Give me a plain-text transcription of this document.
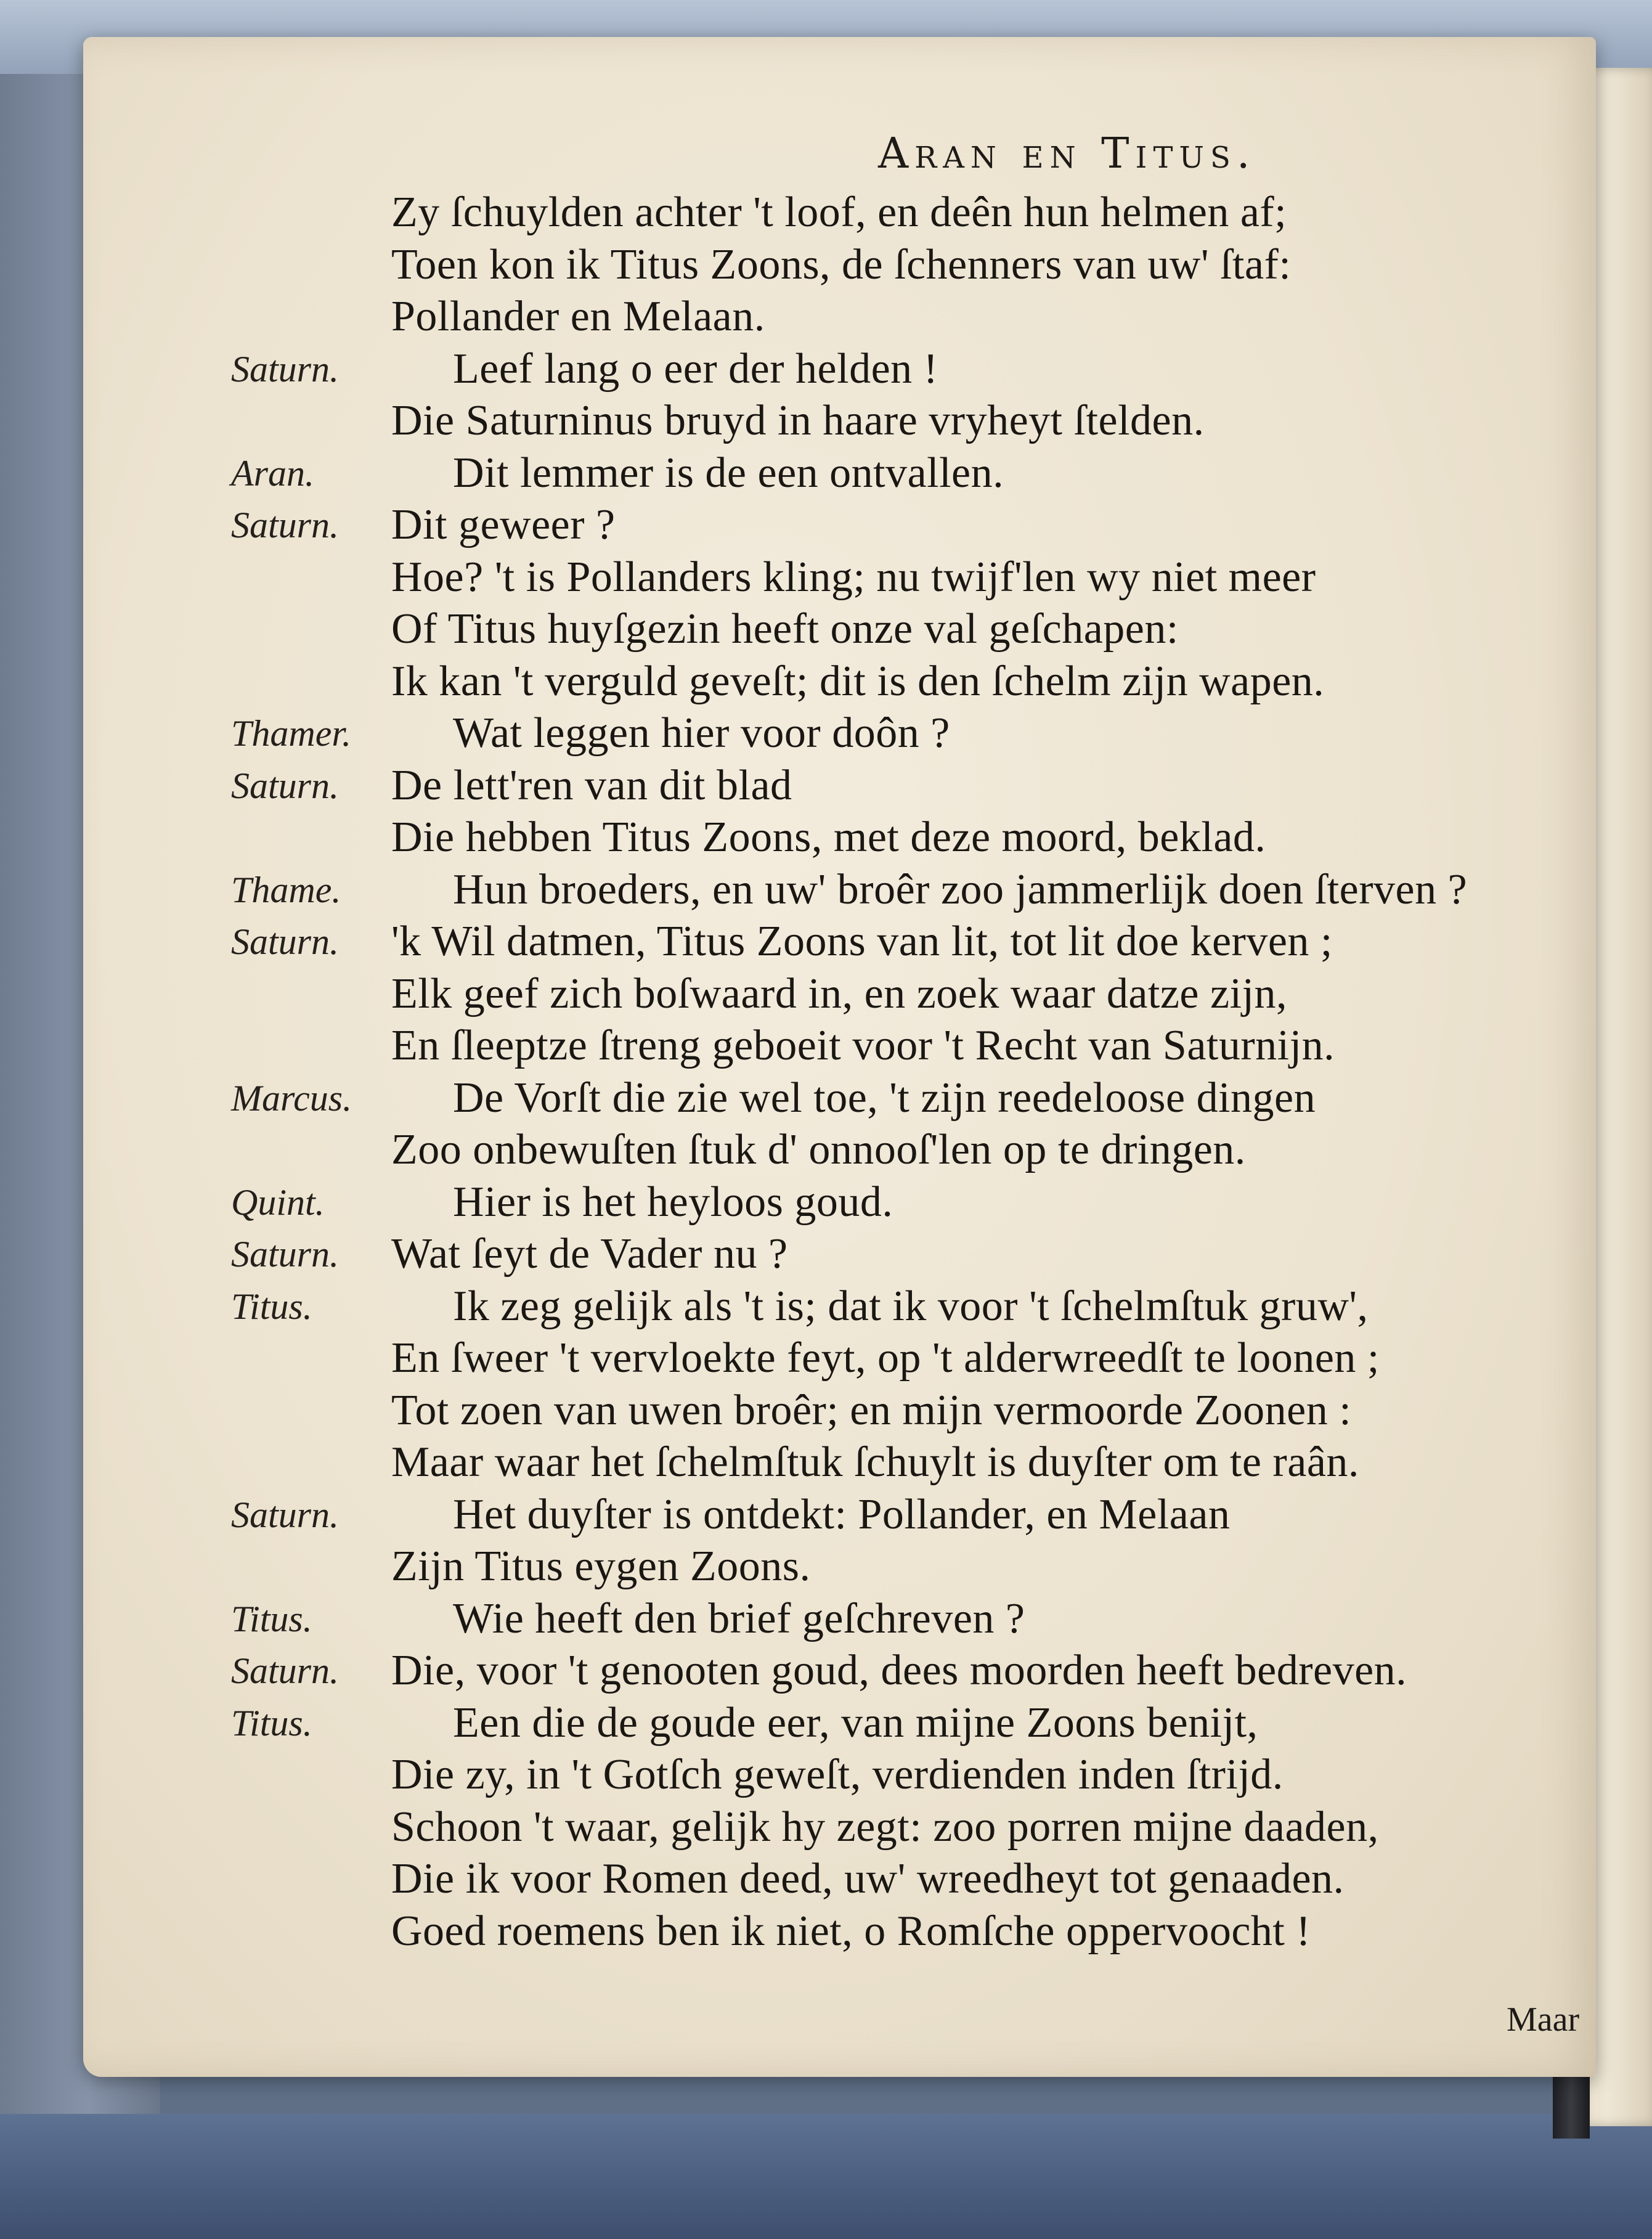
Aran en Titus.
Zy ſchuylden achter 't loof, en deên hun helmen af;
Toen kon ik Titus Zoons, de ſchenners van uw' ſtaf:
Pollander en Melaan.
Saturn.	Leef lang o eer der helden !
Die Saturninus bruyd in haare vryheyt ſtelden.
Aran.	Dit lemmer is de een ontvallen.
Saturn. Dit geweer ?
Hoe? 't is Pollanders kling; nu twijf'len wy niet meer
Of Titus huyſgezin heeft onze val geſchapen:
Ik kan 't verguld geveſt; dit is den ſchelm zijn wapen.
Thamer. Wat leggen hier voor doôn ?
Saturn. De lett'ren van dit blad
Die hebben Titus Zoons, met deze moord, beklad.
Thame.	Hun broeders, en uw' broêr zoo jammerlijk doen ſterven ?
Saturn. 'k Wil datmen, Titus Zoons van lit, tot lit doe kerven ;
Elk geef zich boſwaard in, en zoek waar datze zijn,
En ſleeptze ſtreng geboeit voor 't Recht van Saturnijn.
Marcus. De Vorſt die zie wel toe, 't zijn reedeloose dingen
Zoo onbewuſten ſtuk d' onnooſ'len op te dringen.
Quint.	Hier is het heyloos goud.
Saturn. Wat ſeyt de Vader nu ?
Titus.	Ik zeg gelijk als 't is; dat ik voor 't ſchelmſtuk gruw',
En ſweer 't vervloekte feyt, op 't alderwreedſt te loonen ;
Tot zoen van uwen broêr; en mijn vermoorde Zoonen :
Maar waar het ſchelmſtuk ſchuylt is duyſter om te raân.
Saturn.	Het duyſter is ontdekt: Pollander, en Melaan
Zijn Titus eygen Zoons.
Titus.	Wie heeft den brief geſchreven ?
Saturn. Die, voor 't genooten goud, dees moorden heeft bedreven.
Titus.	Een die de goude eer, van mijne Zoons benijt,
Die zy, in 't Gotſch geweſt, verdienden inden ſtrijd.
Schoon 't waar, gelijk hy zegt: zoo porren mijne daaden,
Die ik voor Romen deed, uw' wreedheyt tot genaaden.
Goed roemens ben ik niet, o Romſche oppervoocht !
Maar
